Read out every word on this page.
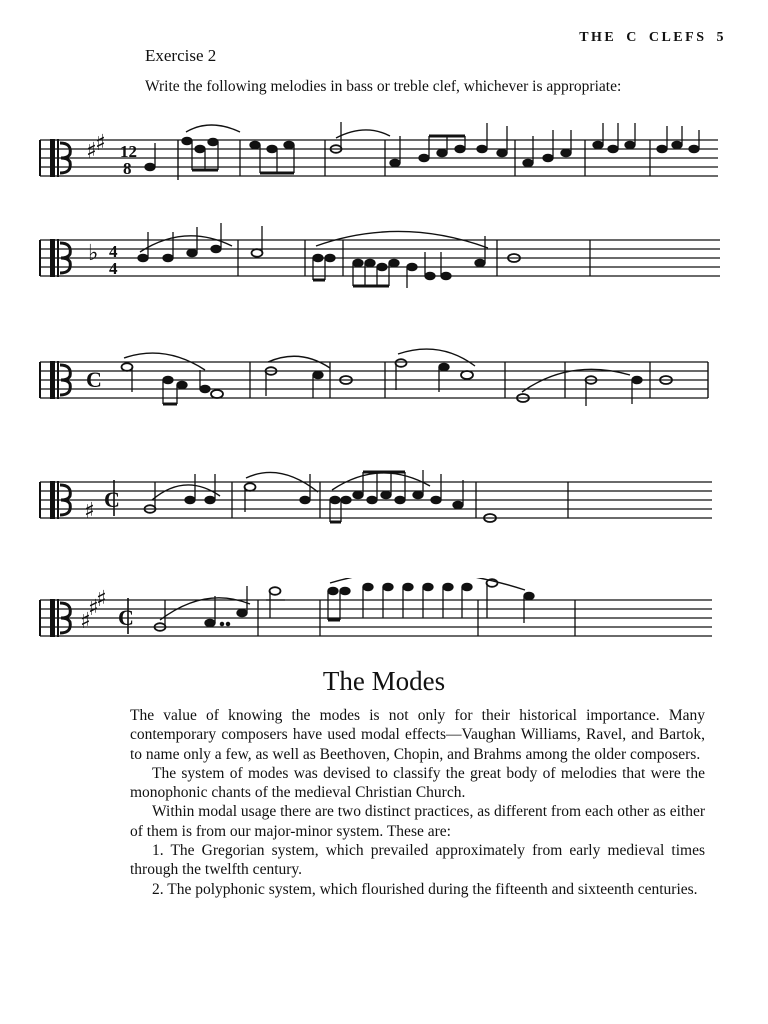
THE C CLEFS 5
Exercise 2
Write the following melodies in bass or treble clef, whichever is appropriate:
♯
♯ 12
8
♭ 4
4
C
♯ C
♯
♯
♯
C
The Modes

The value of knowing the modes is not only for their historical importance. Many contemporary composers have used modal effects—Vaughan Williams, Ravel, and Bartok, to name only a few, as well as Beethoven, Chopin, and Brahms among the older composers.

The system of modes was devised to classify the great body of melodies that were the monophonic chants of the medieval Christian Church.

Within modal usage there are two distinct practices, as different from each other as either of them is from our major-minor system. These are:

1. The Gregorian system, which prevailed approximately from early medieval times through the twelfth century.

2. The polyphonic system, which flourished during the fifteenth and sixteenth centuries.
